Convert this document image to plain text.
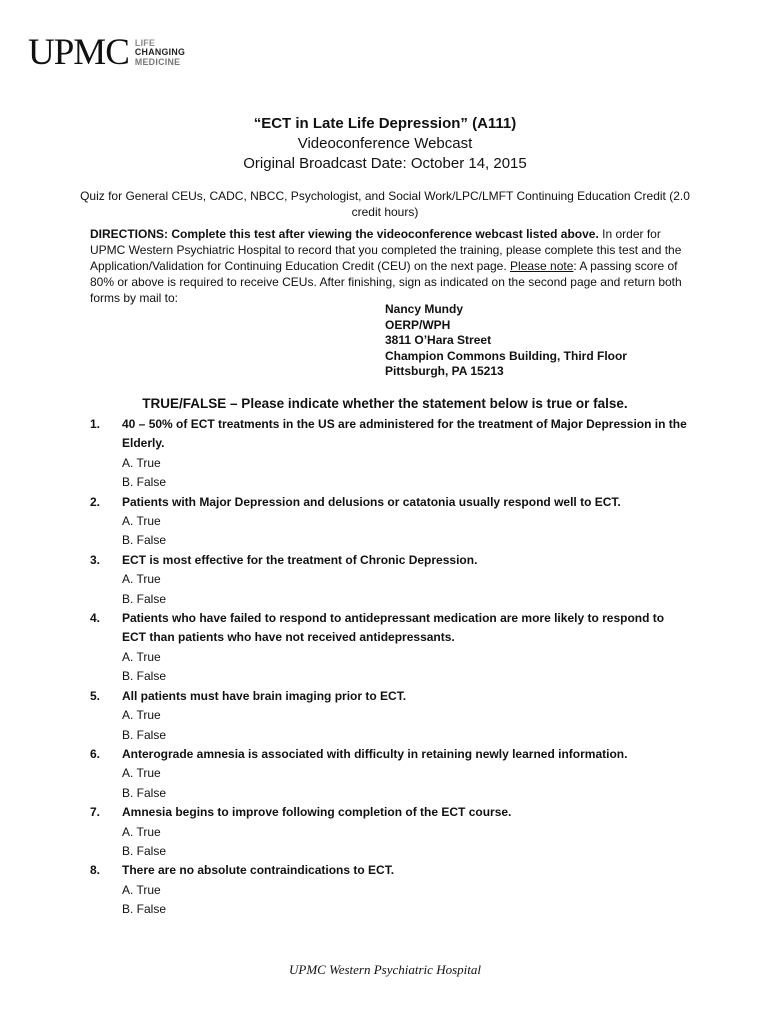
UPMC LIFE
CHANGING
MEDICINE
“ECT in Late Life Depression” (A111)
Videoconference Webcast
Original Broadcast Date: October 14, 2015
Quiz for General CEUs, CADC, NBCC, Psychologist, and Social Work/LPC/LMFT Continuing Education Credit (2.0 credit hours)
DIRECTIONS: Complete this test after viewing the videoconference webcast listed above. In order for UPMC Western Psychiatric Hospital to record that you completed the training, please complete this test and the Application/Validation for Continuing Education Credit (CEU) on the next page. Please note: A passing score of 80% or above is required to receive CEUs. After finishing, sign as indicated on the second page and return both forms by mail to:
Nancy Mundy
OERP/WPH
3811 O’Hara Street
Champion Commons Building, Third Floor
Pittsburgh, PA 15213
TRUE/FALSE – Please indicate whether the statement below is true or false.
1. 40 – 50% of ECT treatments in the US are administered for the treatment of Major Depression in the Elderly.
A. True
B. False
2. Patients with Major Depression and delusions or catatonia usually respond well to ECT.
A. True
B. False
3. ECT is most effective for the treatment of Chronic Depression.
A. True
B. False
4. Patients who have failed to respond to antidepressant medication are more likely to respond to ECT than patients who have not received antidepressants.
A. True
B. False
5. All patients must have brain imaging prior to ECT.
A. True
B. False
6. Anterograde amnesia is associated with difficulty in retaining newly learned information.
A. True
B. False
7. Amnesia begins to improve following completion of the ECT course.
A. True
B. False
8. There are no absolute contraindications to ECT.
A. True
B. False
UPMC Western Psychiatric Hospital
